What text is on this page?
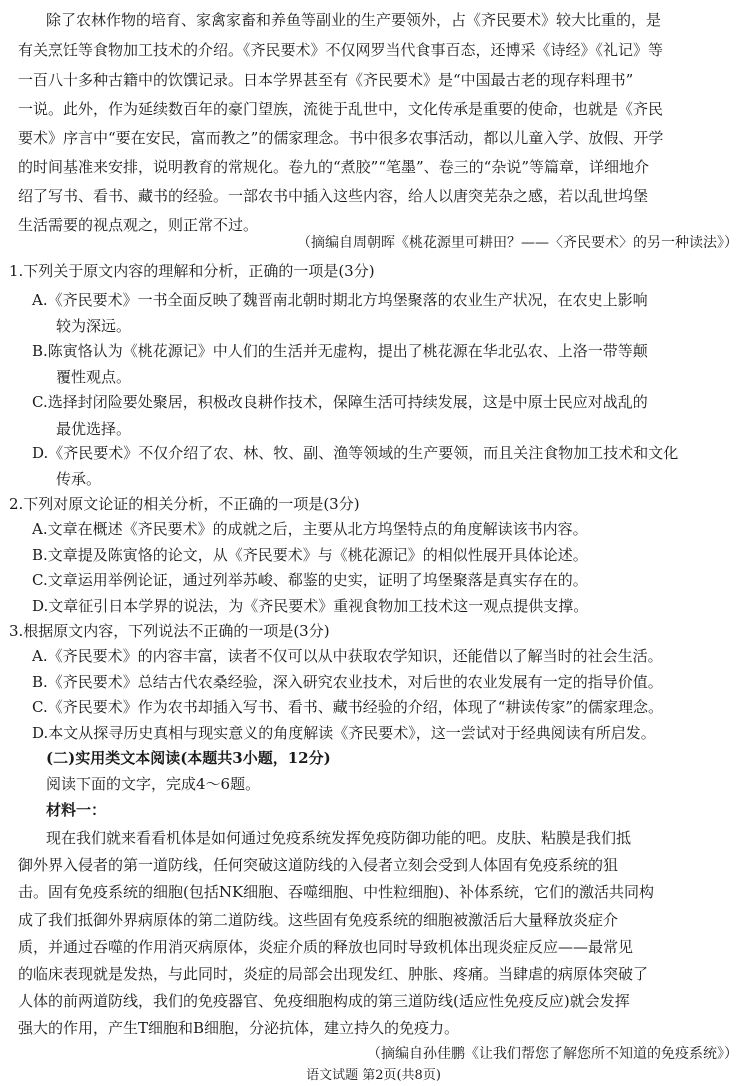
除了农林作物的培育、家禽家畜和养鱼等副业的生产要领外，占《齐民要术》较大比重的，是

有关烹饪等食物加工技术的介绍。《齐民要术》不仅网罗当代食事百态，还博采《诗经》《礼记》等

一百八十多种古籍中的饮馔记录。日本学界甚至有《齐民要术》是“中国最古老的现存料理书”

一说。此外，作为延续数百年的豪门望族，流徙于乱世中，文化传承是重要的使命，也就是《齐民

要术》序言中“要在安民，富而教之”的儒家理念。书中很多农事活动，都以儿童入学、放假、开学

的时间基准来安排，说明教育的常规化。卷九的“煮胶”“笔墨”、卷三的“杂说”等篇章，详细地介

绍了写书、看书、藏书的经验。一部农书中插入这些内容，给人以唐突芜杂之感，若以乱世坞堡

生活需要的视点观之，则正常不过。

（摘编自周朝晖《桃花源里可耕田？——〈齐民要术〉的另一种读法》）

1.下列关于原文内容的理解和分析，正确的一项是(3分)

A.《齐民要术》一书全面反映了魏晋南北朝时期北方坞堡聚落的农业生产状况，在农史上影响

较为深远。

B.陈寅恪认为《桃花源记》中人们的生活并无虚构，提出了桃花源在华北弘农、上洛一带等颠

覆性观点。

C.选择封闭险要处聚居，积极改良耕作技术，保障生活可持续发展，这是中原士民应对战乱的

最优选择。

D.《齐民要术》不仅介绍了农、林、牧、副、渔等领域的生产要领，而且关注食物加工技术和文化

传承。

2.下列对原文论证的相关分析，不正确的一项是(3分)

A.文章在概述《齐民要术》的成就之后，主要从北方坞堡特点的角度解读该书内容。

B.文章提及陈寅恪的论文，从《齐民要术》与《桃花源记》的相似性展开具体论述。

C.文章运用举例论证，通过列举苏峻、郗鉴的史实，证明了坞堡聚落是真实存在的。

D.文章征引日本学界的说法，为《齐民要术》重视食物加工技术这一观点提供支撑。

3.根据原文内容，下列说法不正确的一项是(3分)

A.《齐民要术》的内容丰富，读者不仅可以从中获取农学知识，还能借以了解当时的社会生活。

B.《齐民要术》总结古代农桑经验，深入研究农业技术，对后世的农业发展有一定的指导价值。

C.《齐民要术》作为农书却插入写书、看书、藏书经验的介绍，体现了“耕读传家”的儒家理念。

D.本文从探寻历史真相与现实意义的角度解读《齐民要术》，这一尝试对于经典阅读有所启发。

(二)实用类文本阅读(本题共3小题，12分)

阅读下面的文字，完成4～6题。

材料一：

现在我们就来看看机体是如何通过免疫系统发挥免疫防御功能的吧。皮肤、粘膜是我们抵

御外界入侵者的第一道防线，任何突破这道防线的入侵者立刻会受到人体固有免疫系统的狙

击。固有免疫系统的细胞(包括NK细胞、吞噬细胞、中性粒细胞)、补体系统，它们的激活共同构

成了我们抵御外界病原体的第二道防线。这些固有免疫系统的细胞被激活后大量释放炎症介

质，并通过吞噬的作用消灭病原体，炎症介质的释放也同时导致机体出现炎症反应——最常见

的临床表现就是发热，与此同时，炎症的局部会出现发红、肿胀、疼痛。当肆虐的病原体突破了

人体的前两道防线，我们的免疫器官、免疫细胞构成的第三道防线(适应性免疫反应)就会发挥

强大的作用，产生T细胞和B细胞，分泌抗体，建立持久的免疫力。

（摘编自孙佳鹏《让我们帮您了解您所不知道的免疫系统》）

语文试题 第2页(共8页)
